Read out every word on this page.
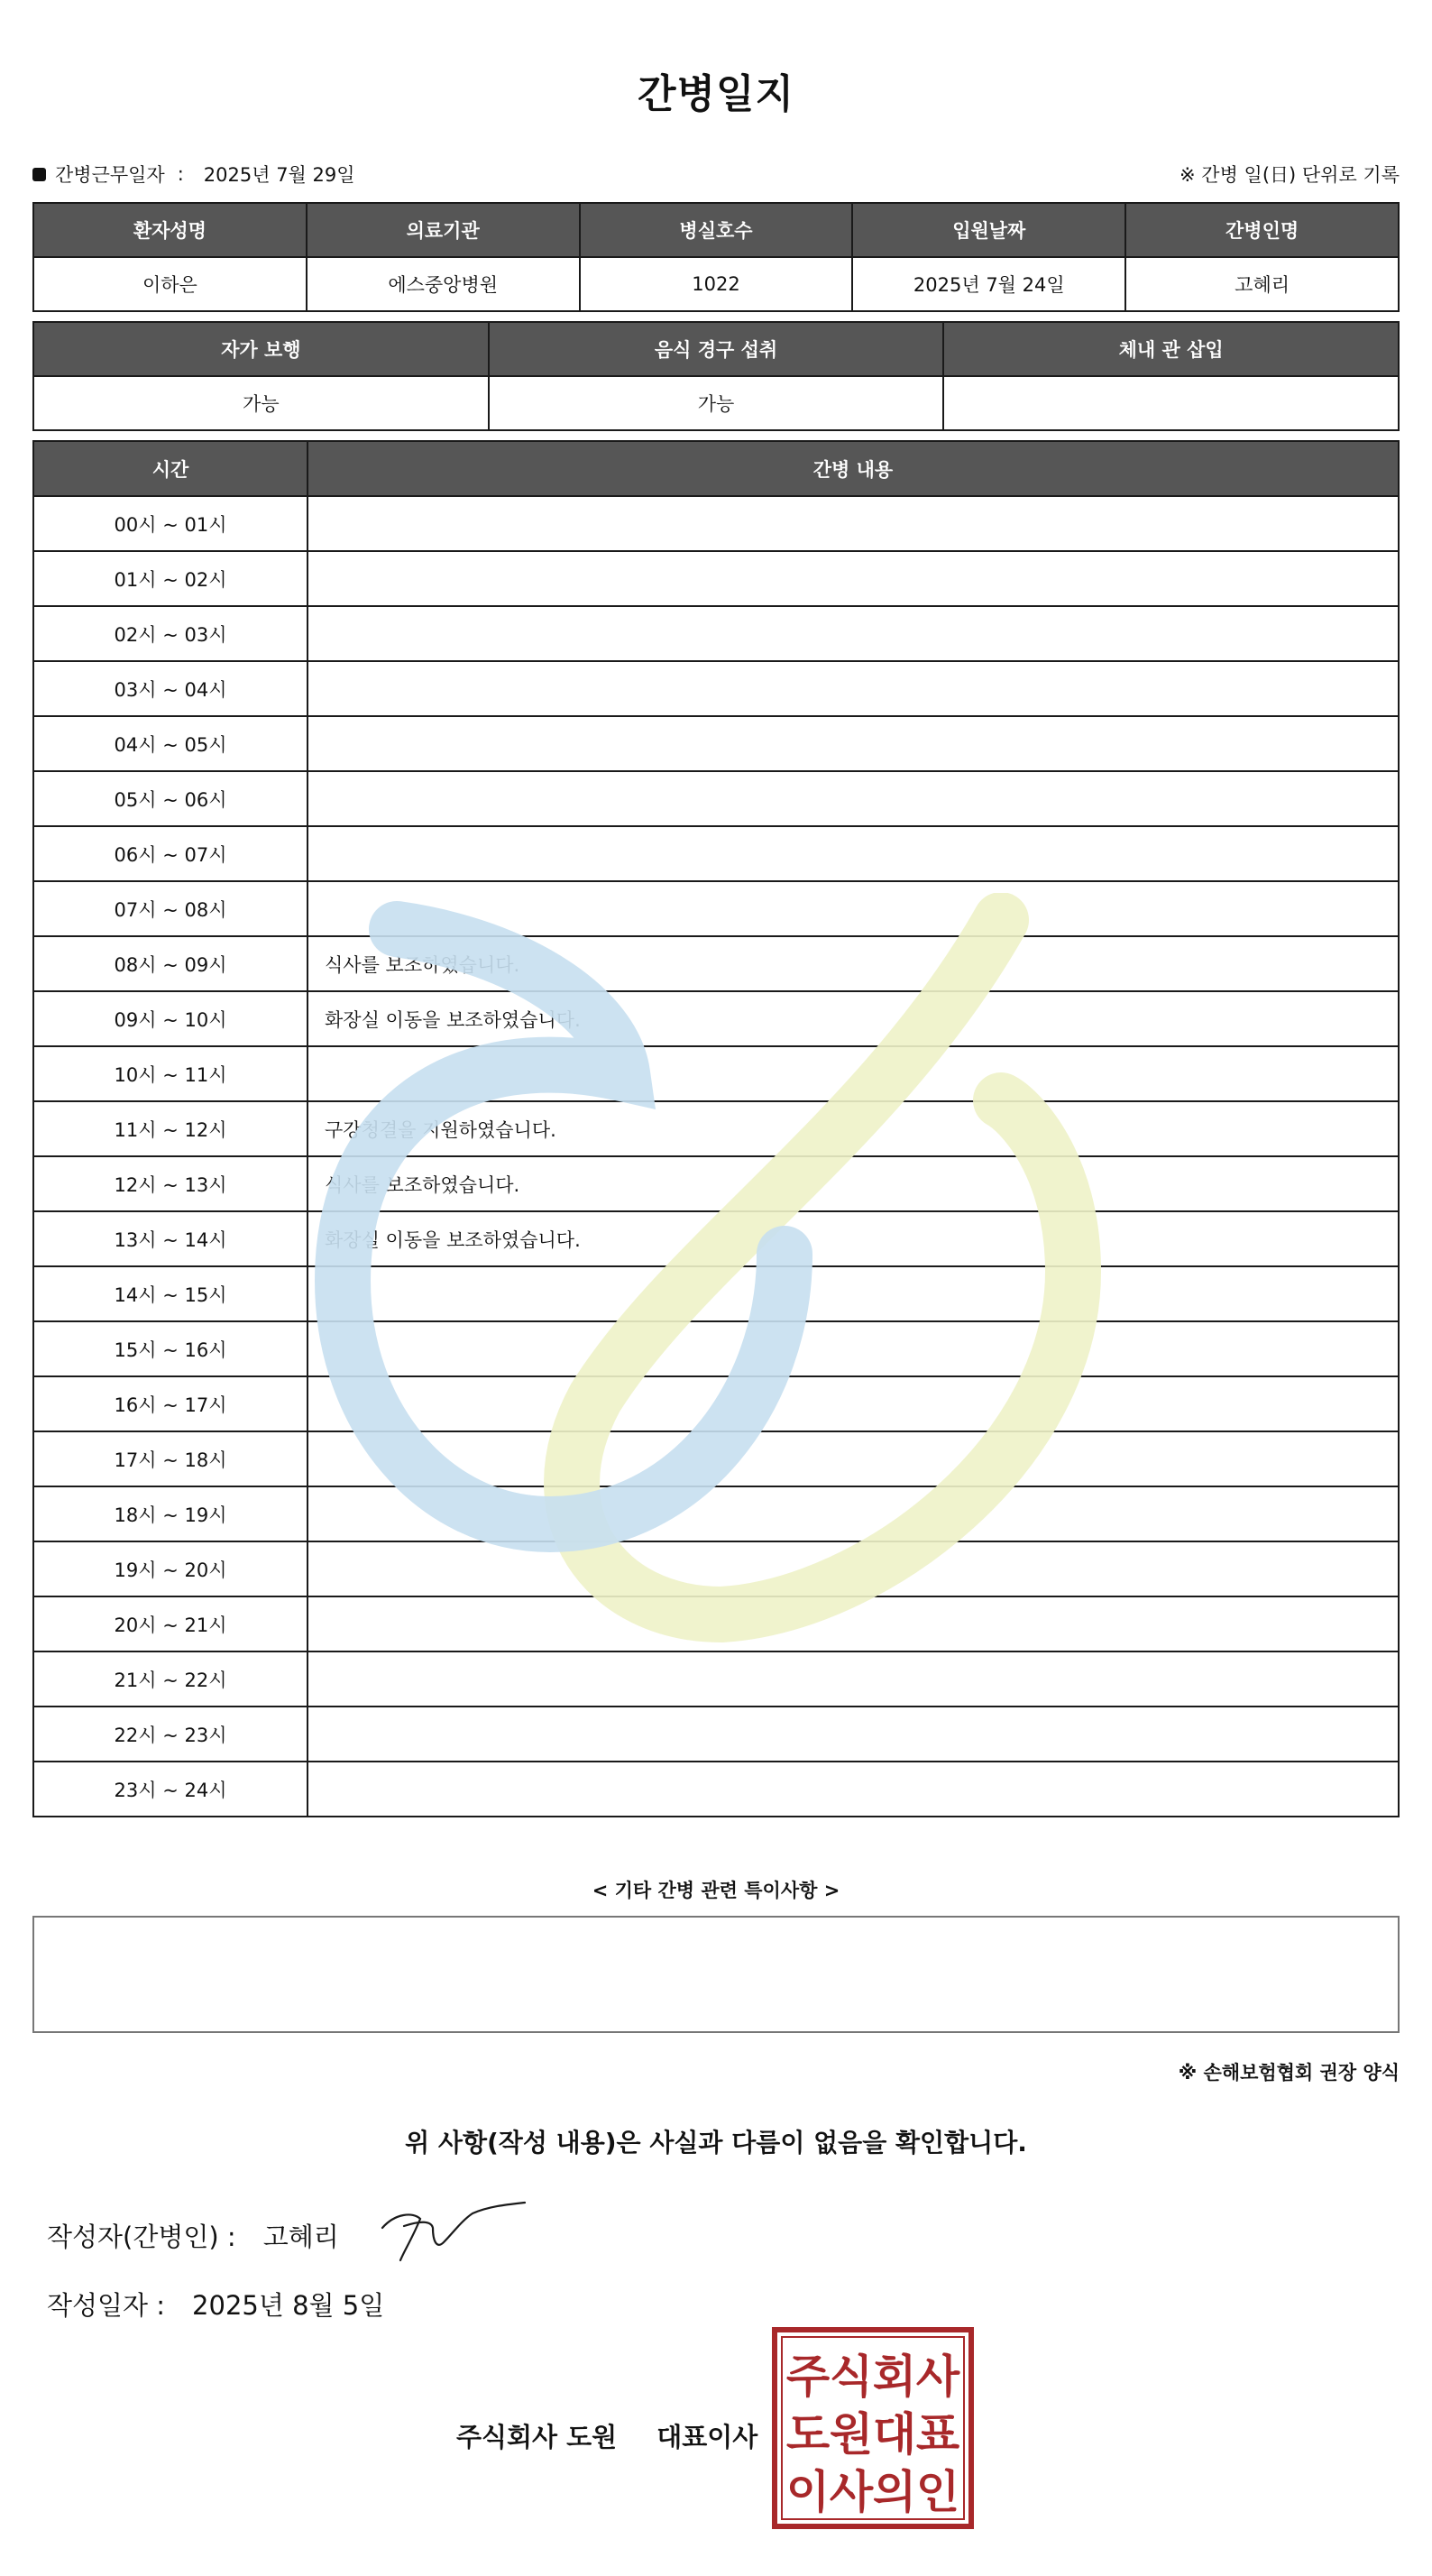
간병일지
간병근무일자 : 2025년 7월 29일	※ 간병 일(日) 단위로 기록
환자성명	의료기관	병실호수	입원날짜	간병인명
이하은	에스중앙병원	1022	2025년 7월 24일	고혜리
자가 보행	음식 경구 섭취	체내 관 삽입
가능	가능	
시간	간병 내용
00시 ~ 01시	
01시 ~ 02시	
02시 ~ 03시	
03시 ~ 04시	
04시 ~ 05시	
05시 ~ 06시	
06시 ~ 07시	
07시 ~ 08시	
08시 ~ 09시	식사를 보조하였습니다.
09시 ~ 10시	화장실 이동을 보조하였습니다.
10시 ~ 11시	
11시 ~ 12시	구강청결을 지원하였습니다.
12시 ~ 13시	식사를 보조하였습니다.
13시 ~ 14시	화장실 이동을 보조하였습니다.
14시 ~ 15시	
15시 ~ 16시	
16시 ~ 17시	
17시 ~ 18시	
18시 ~ 19시	
19시 ~ 20시	
20시 ~ 21시	
21시 ~ 22시	
22시 ~ 23시	
23시 ~ 24시	
< 기타 간병 관련 특이사항 >
※ 손해보험협회 권장 양식
위 사항(작성 내용)은 사실과 다름이 없음을 확인합니다.
작성자(간병인) : 고혜리
작성일자 : 2025년 8월 5일
주식회사 도원 대표이사
주 식 회 사
도 원 대 표
이 사 의 인
